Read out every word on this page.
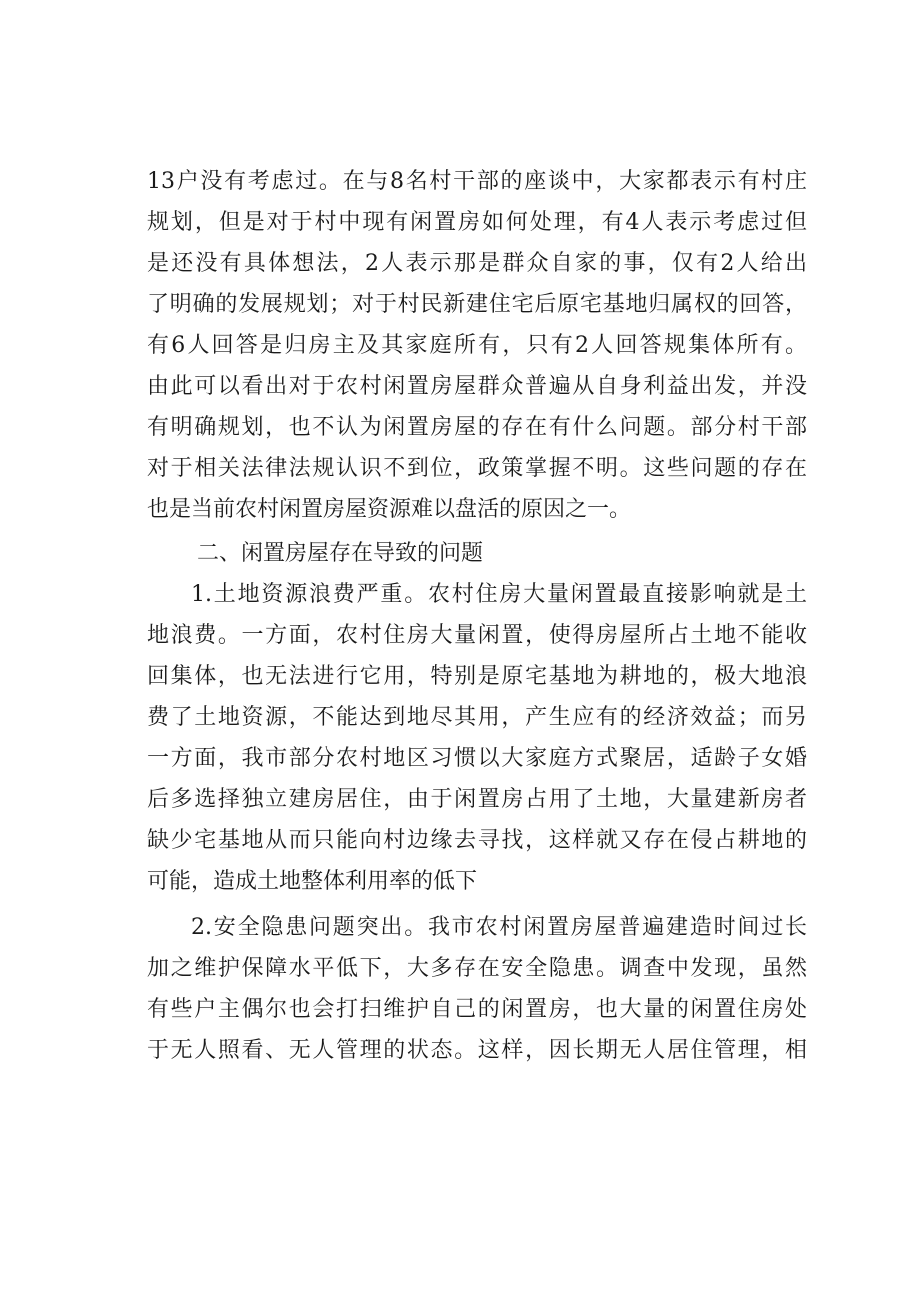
13户没有考虑过。在与8名村干部的座谈中，大家都表示有村庄
规划，但是对于村中现有闲置房如何处理，有4人表示考虑过但
是还没有具体想法，2人表示那是群众自家的事，仅有2人给出
了明确的发展规划；对于村民新建住宅后原宅基地归属权的回答，
有6人回答是归房主及其家庭所有，只有2人回答规集体所有。
由此可以看出对于农村闲置房屋群众普遍从自身利益出发，并没
有明确规划，也不认为闲置房屋的存在有什么问题。部分村干部
对于相关法律法规认识不到位，政策掌握不明。这些问题的存在
也是当前农村闲置房屋资源难以盘活的原因之一。
二、闲置房屋存在导致的问题
1.土地资源浪费严重。农村住房大量闲置最直接影响就是土
地浪费。一方面，农村住房大量闲置，使得房屋所占土地不能收
回集体，也无法进行它用，特别是原宅基地为耕地的，极大地浪
费了土地资源，不能达到地尽其用，产生应有的经济效益；而另
一方面，我市部分农村地区习惯以大家庭方式聚居，适龄子女婚
后多选择独立建房居住，由于闲置房占用了土地，大量建新房者
缺少宅基地从而只能向村边缘去寻找，这样就又存在侵占耕地的
可能，造成土地整体利用率的低下
2.安全隐患问题突出。我市农村闲置房屋普遍建造时间过长
加之维护保障水平低下，大多存在安全隐患。调查中发现，虽然
有些户主偶尔也会打扫维护自己的闲置房，也大量的闲置住房处
于无人照看、无人管理的状态。这样，因长期无人居住管理，相
